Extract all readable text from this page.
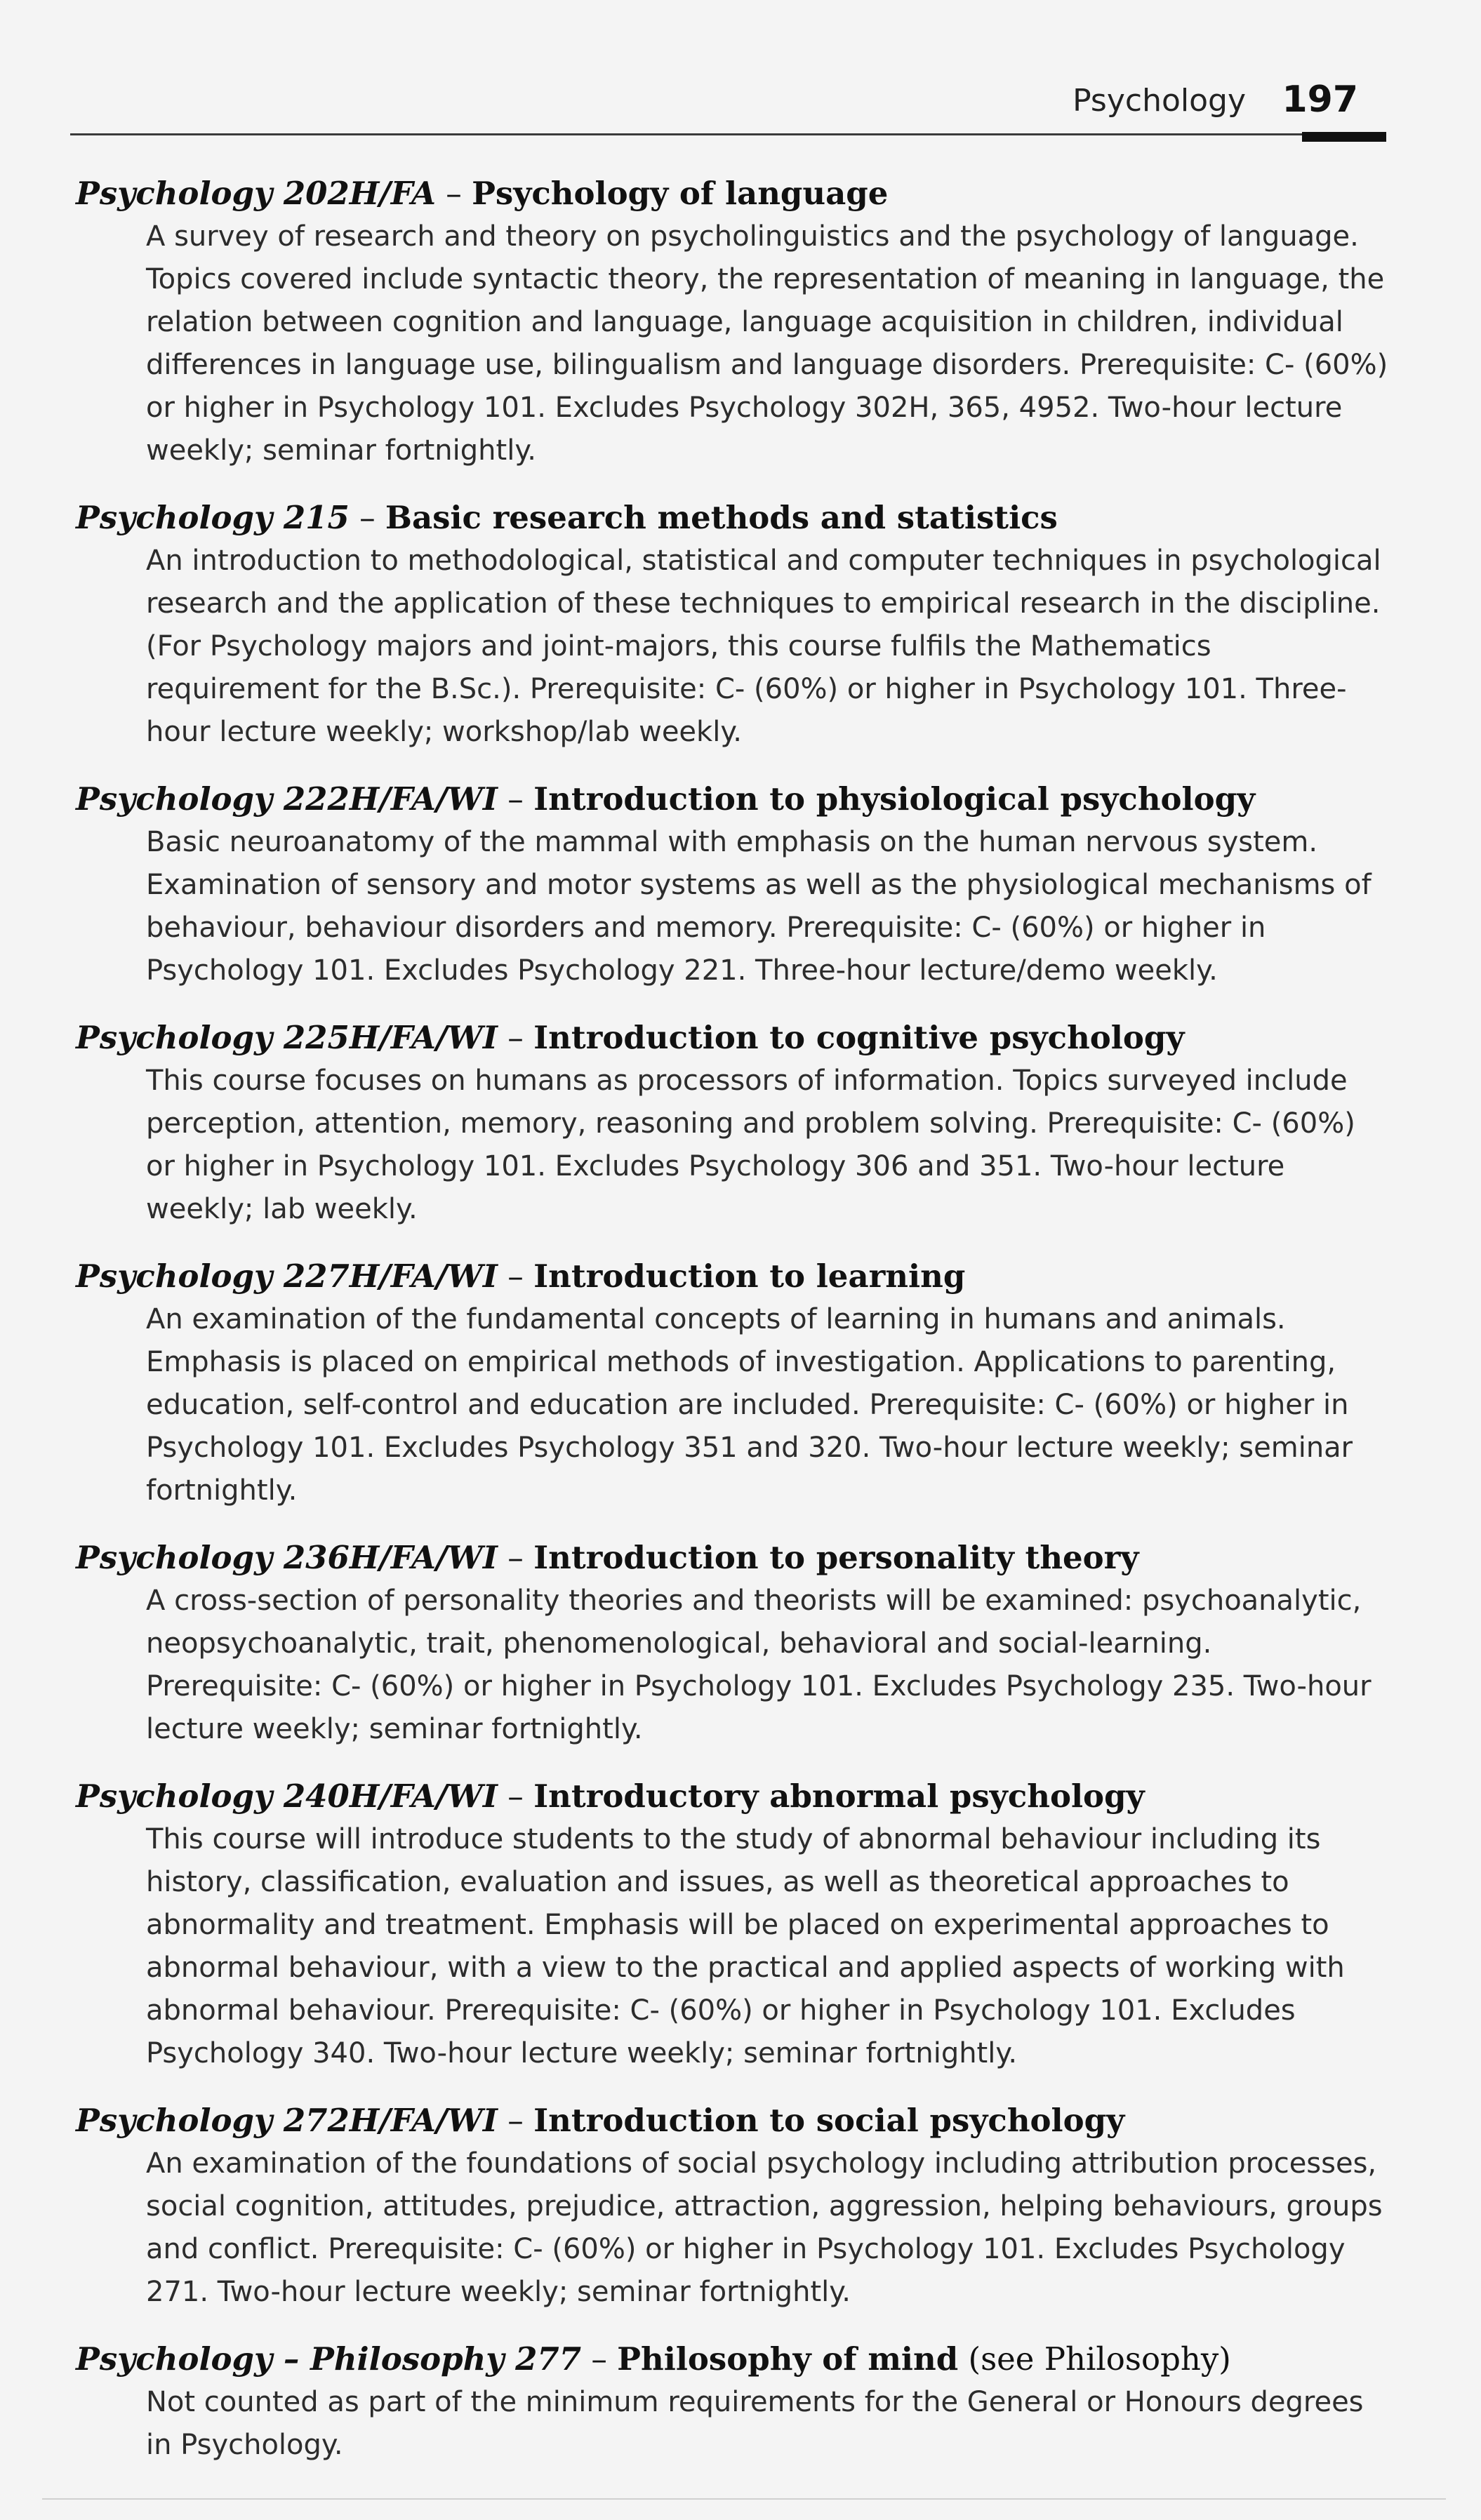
Psychology 197
Psychology 202H/FA – Psychology of language
A survey of research and theory on psycholinguistics and the psychology of language. Topics covered include syntactic theory, the representation of meaning in language, the relation between cognition and language, language acquisition in children, individual differences in language use, bilingualism and language disorders. Prerequisite: C- (60%) or higher in Psychology 101. Excludes Psychology 302H, 365, 4952. Two-hour lecture weekly; seminar fortnightly.
Psychology 215 – Basic research methods and statistics
An introduction to methodological, statistical and computer techniques in psychological research and the application of these techniques to empirical research in the discipline. (For Psychology majors and joint-majors, this course fulfils the Mathematics requirement for the B.Sc.). Prerequisite: C- (60%) or higher in Psychology 101. Three-hour lecture weekly; workshop/lab weekly.
Psychology 222H/FA/WI – Introduction to physiological psychology
Basic neuroanatomy of the mammal with emphasis on the human nervous system. Examination of sensory and motor systems as well as the physiological mechanisms of behaviour, behaviour disorders and memory. Prerequisite: C- (60%) or higher in Psychology 101. Excludes Psychology 221. Three-hour lecture/demo weekly.
Psychology 225H/FA/WI – Introduction to cognitive psychology
This course focuses on humans as processors of information. Topics surveyed include perception, attention, memory, reasoning and problem solving. Prerequisite: C- (60%) or higher in Psychology 101. Excludes Psychology 306 and 351. Two-hour lecture weekly; lab weekly.
Psychology 227H/FA/WI – Introduction to learning
An examination of the fundamental concepts of learning in humans and animals. Emphasis is placed on empirical methods of investigation. Applications to parenting, education, self-control and education are included. Prerequisite: C- (60%) or higher in Psychology 101. Excludes Psychology 351 and 320. Two-hour lecture weekly; seminar fortnightly.
Psychology 236H/FA/WI – Introduction to personality theory
A cross-section of personality theories and theorists will be examined: psychoanalytic, neopsychoanalytic, trait, phenomenological, behavioral and social-learning. Prerequisite: C- (60%) or higher in Psychology 101. Excludes Psychology 235. Two-hour lecture weekly; seminar fortnightly.
Psychology 240H/FA/WI – Introductory abnormal psychology
This course will introduce students to the study of abnormal behaviour including its history, classification, evaluation and issues, as well as theoretical approaches to abnormality and treatment. Emphasis will be placed on experimental approaches to abnormal behaviour, with a view to the practical and applied aspects of working with abnormal behaviour. Prerequisite: C- (60%) or higher in Psychology 101. Excludes Psychology 340. Two-hour lecture weekly; seminar fortnightly.
Psychology 272H/FA/WI – Introduction to social psychology
An examination of the foundations of social psychology including attribution processes, social cognition, attitudes, prejudice, attraction, aggression, helping behaviours, groups and conflict. Prerequisite: C- (60%) or higher in Psychology 101. Excludes Psychology 271. Two-hour lecture weekly; seminar fortnightly.
Psychology – Philosophy 277 – Philosophy of mind (see Philosophy)
Not counted as part of the minimum requirements for the General or Honours degrees in Psychology.
